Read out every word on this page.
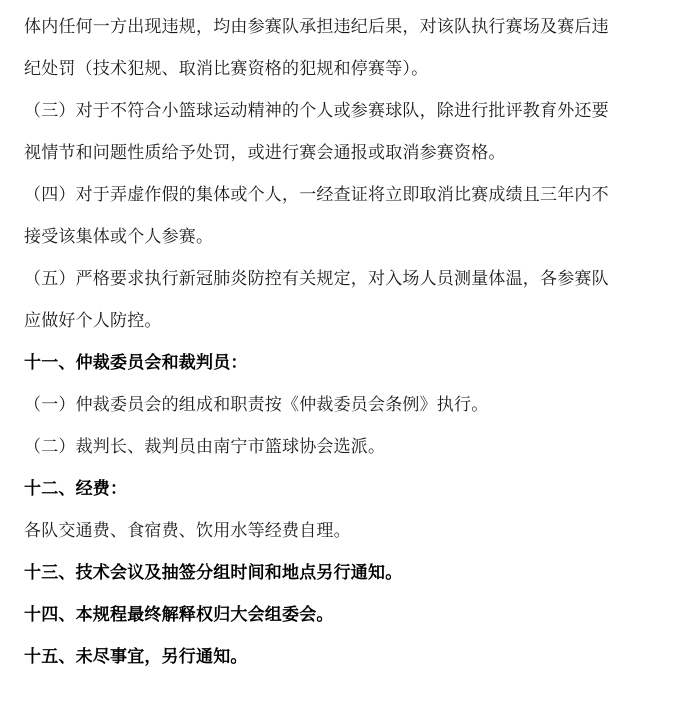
体内任何一方出现违规，均由参赛队承担违纪后果，对该队执行赛场及赛后违
纪处罚（技术犯规、取消比赛资格的犯规和停赛等）。
（三）对于不符合小篮球运动精神的个人或参赛球队，除进行批评教育外还要
视情节和问题性质给予处罚，或进行赛会通报或取消参赛资格。
（四）对于弄虚作假的集体或个人，一经查证将立即取消比赛成绩且三年内不
接受该集体或个人参赛。
（五）严格要求执行新冠肺炎防控有关规定，对入场人员测量体温，各参赛队
应做好个人防控。
十一、仲裁委员会和裁判员：
（一）仲裁委员会的组成和职责按《仲裁委员会条例》执行。
（二）裁判长、裁判员由南宁市篮球协会选派。
十二、经费：
各队交通费、食宿费、饮用水等经费自理。
十三、技术会议及抽签分组时间和地点另行通知。
十四、本规程最终解释权归大会组委会。
十五、未尽事宜，另行通知。
